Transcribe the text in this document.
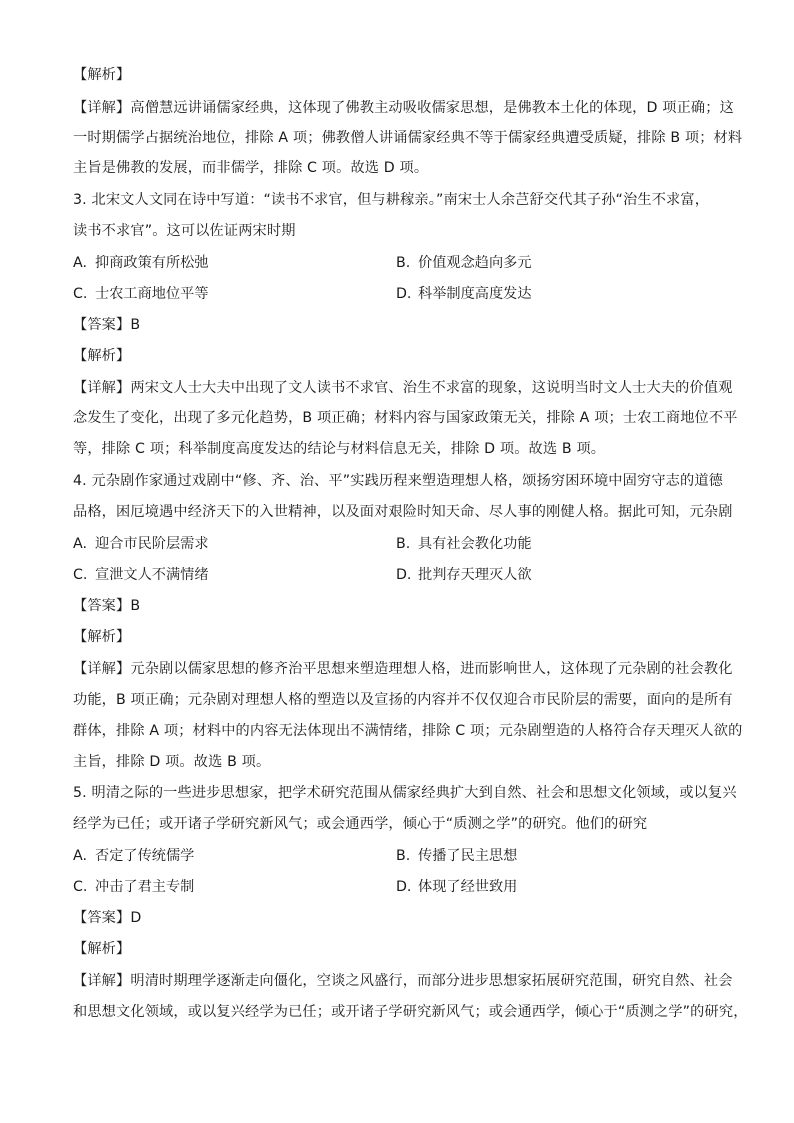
【解析】
【详解】高僧慧远讲诵儒家经典，这体现了佛教主动吸收儒家思想，是佛教本土化的体现，D 项正确；这
一时期儒学占据统治地位，排除 A 项；佛教僧人讲诵儒家经典不等于儒家经典遭受质疑，排除 B 项；材料
主旨是佛教的发展，而非儒学，排除 C 项。故选 D 项。
3. 北宋文人文同在诗中写道：“读书不求官，但与耕稼亲。”南宋士人余芑舒交代其子孙“治生不求富，
读书不求官”。这可以佐证两宋时期
A. 抑商政策有所松弛	B. 价值观念趋向多元
C. 士农工商地位平等	D. 科举制度高度发达
【答案】B
【解析】
【详解】两宋文人士大夫中出现了文人读书不求官、治生不求富的现象，这说明当时文人士大夫的价值观
念发生了变化，出现了多元化趋势，B 项正确；材料内容与国家政策无关，排除 A 项；士农工商地位不平
等，排除 C 项；科举制度高度发达的结论与材料信息无关，排除 D 项。故选 B 项。
4. 元杂剧作家通过戏剧中“修、齐、治、平”实践历程来塑造理想人格，颂扬穷困环境中固穷守志的道德
品格，困厄境遇中经济天下的入世精神，以及面对艰险时知天命、尽人事的刚健人格。据此可知，元杂剧
A. 迎合市民阶层需求	B. 具有社会教化功能
C. 宣泄文人不满情绪	D. 批判存天理灭人欲
【答案】B
【解析】
【详解】元杂剧以儒家思想的修齐治平思想来塑造理想人格，进而影响世人，这体现了元杂剧的社会教化
功能，B 项正确；元杂剧对理想人格的塑造以及宣扬的内容并不仅仅迎合市民阶层的需要，面向的是所有
群体，排除 A 项；材料中的内容无法体现出不满情绪，排除 C 项；元杂剧塑造的人格符合存天理灭人欲的
主旨，排除 D 项。故选 B 项。
5. 明清之际的一些进步思想家，把学术研究范围从儒家经典扩大到自然、社会和思想文化领域，或以复兴
经学为已任；或开诸子学研究新风气；或会通西学，倾心于“质测之学”的研究。他们的研究
A. 否定了传统儒学	B. 传播了民主思想
C. 冲击了君主专制	D. 体现了经世致用
【答案】D
【解析】
【详解】明清时期理学逐渐走向僵化，空谈之风盛行，而部分进步思想家拓展研究范围，研究自然、社会
和思想文化领域，或以复兴经学为已任；或开诸子学研究新风气；或会通西学，倾心于“质测之学”的研究，
